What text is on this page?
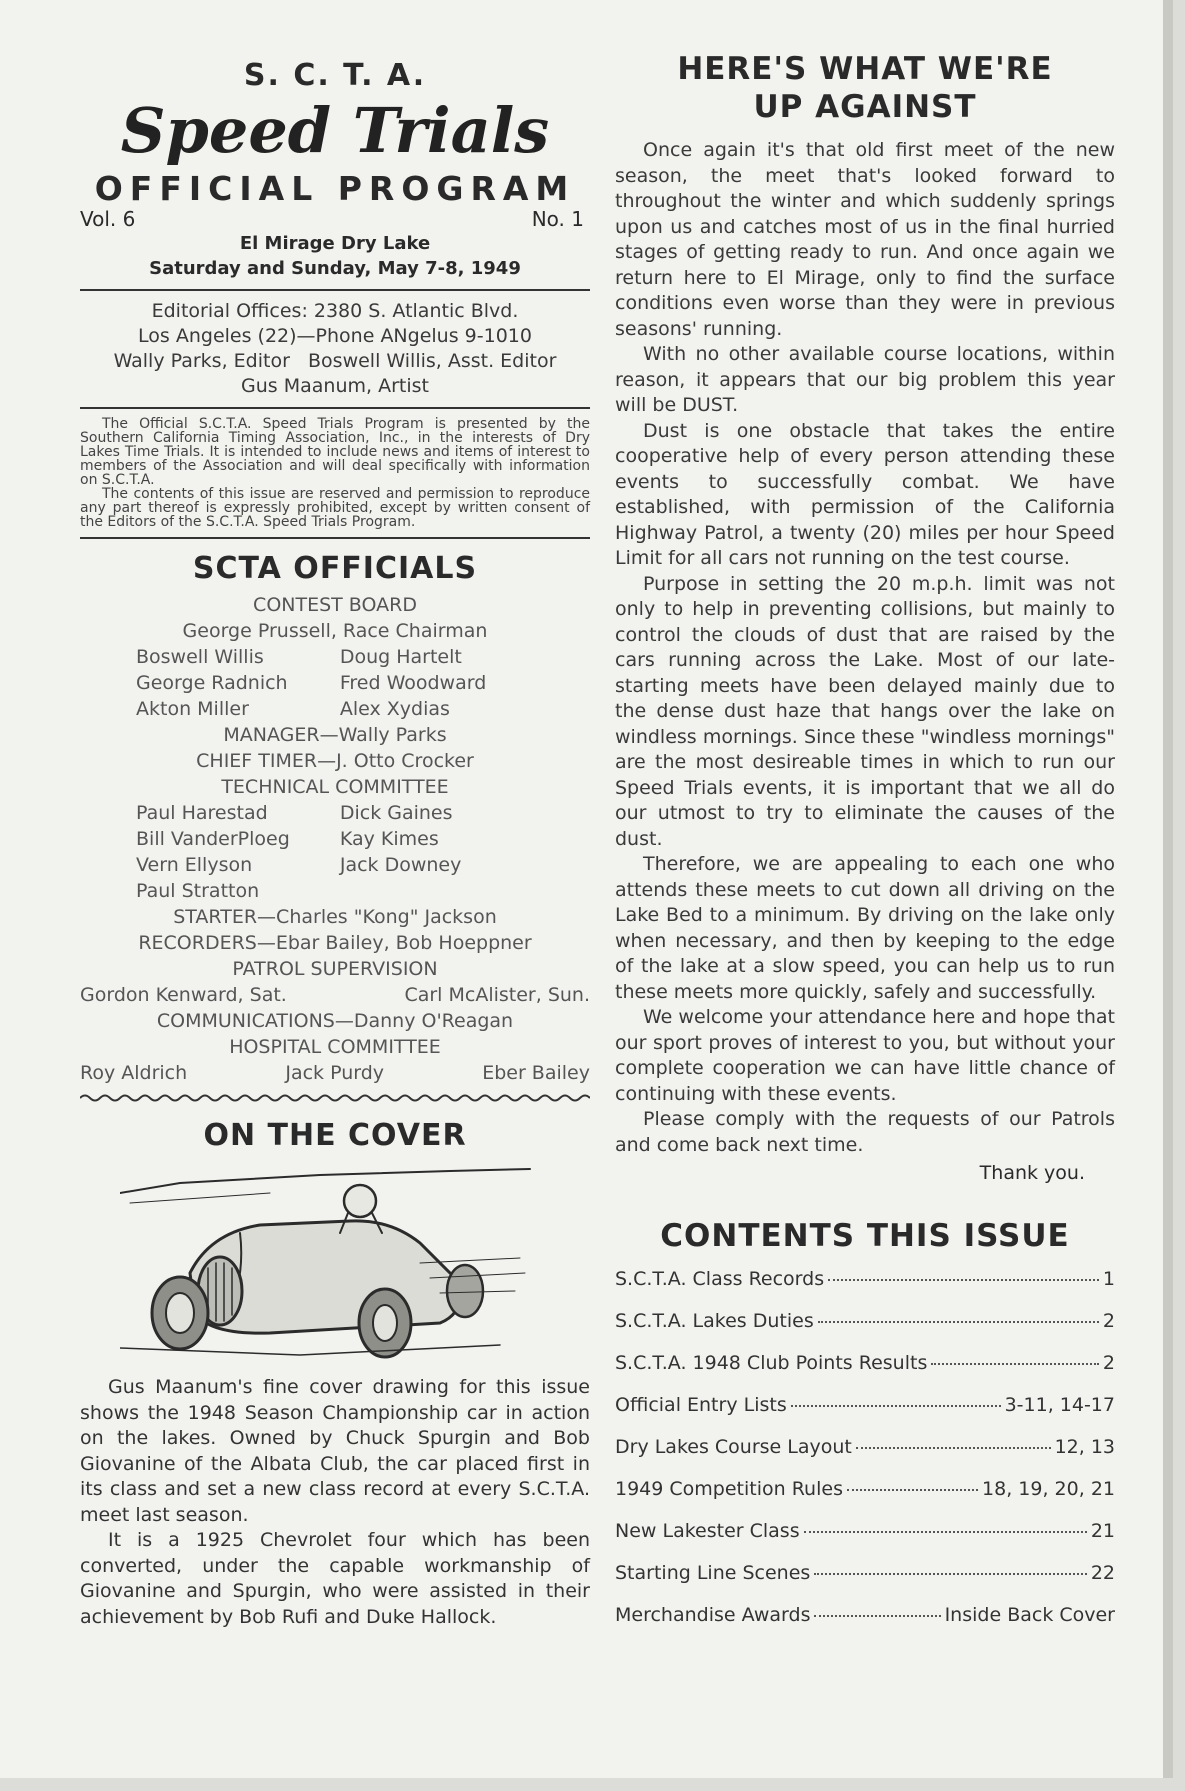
S. C. T. A.
Speed Trials
OFFICIAL PROGRAM
Vol. 6	No. 1
El Mirage Dry Lake
Saturday and Sunday, May 7-8, 1949
Editorial Offices: 2380 S. Atlantic Blvd.
Los Angeles (22)—Phone ANgelus 9-1010
Wally Parks, Editor   Boswell Willis, Asst. Editor
Gus Maanum, Artist

The Official S.C.T.A. Speed Trials Program is presented by the Southern California Timing Association, Inc., in the interests of Dry Lakes Time Trials. It is intended to include news and items of interest to members of the Association and will deal specifically with information on S.C.T.A.

The contents of this issue are reserved and permission to reproduce any part thereof is expressly prohibited, except by written consent of the Editors of the S.C.T.A. Speed Trials Program.

SCTA OFFICIALS
CONTEST BOARD
George Prussell, Race Chairman
Boswell Willis	Doug Hartelt
George Radnich	Fred Woodward
Akton Miller	Alex Xydias
MANAGER—Wally Parks
CHIEF TIMER—J. Otto Crocker
TECHNICAL COMMITTEE
Paul Harestad	Dick Gaines
Bill VanderPloeg	Kay Kimes
Vern Ellyson	Jack Downey
Paul Stratton
STARTER—Charles "Kong" Jackson
RECORDERS—Ebar Bailey, Bob Hoeppner
PATROL SUPERVISION
Gordon Kenward, Sat.	Carl McAlister, Sun.
COMMUNICATIONS—Danny O'Reagan
HOSPITAL COMMITTEE
Roy Aldrich	Jack Purdy	Eber Bailey
ON THE COVER

Gus Maanum's fine cover drawing for this issue shows the 1948 Season Championship car in action on the lakes. Owned by Chuck Spurgin and Bob Giovanine of the Albata Club, the car placed first in its class and set a new class record at every S.C.T.A. meet last season.

It is a 1925 Chevrolet four which has been converted, under the capable workmanship of Giovanine and Spurgin, who were assisted in their achievement by Bob Rufi and Duke Hallock.

HERE'S WHAT WE'RE
UP AGAINST

Once again it's that old first meet of the new season, the meet that's looked forward to throughout the winter and which suddenly springs upon us and catches most of us in the final hurried stages of getting ready to run. And once again we return here to El Mirage, only to find the surface conditions even worse than they were in previous seasons' running.

With no other available course locations, within reason, it appears that our big problem this year will be DUST.

Dust is one obstacle that takes the entire cooperative help of every person attending these events to successfully combat. We have established, with permission of the California Highway Patrol, a twenty (20) miles per hour Speed Limit for all cars not running on the test course.

Purpose in setting the 20 m.p.h. limit was not only to help in preventing collisions, but mainly to control the clouds of dust that are raised by the cars running across the Lake. Most of our late-starting meets have been delayed mainly due to the dense dust haze that hangs over the lake on windless mornings. Since these "windless mornings" are the most desireable times in which to run our Speed Trials events, it is important that we all do our utmost to try to eliminate the causes of the dust.

Therefore, we are appealing to each one who attends these meets to cut down all driving on the Lake Bed to a minimum. By driving on the lake only when necessary, and then by keeping to the edge of the lake at a slow speed, you can help us to run these meets more quickly, safely and successfully.

We welcome your attendance here and hope that our sport proves of interest to you, but without your complete cooperation we can have little chance of continuing with these events.

Please comply with the requests of our Patrols and come back next time.

Thank you.
CONTENTS THIS ISSUE
S.C.T.A. Class Records	1
S.C.T.A. Lakes Duties	2
S.C.T.A. 1948 Club Points Results	2
Official Entry Lists	3-11, 14-17
Dry Lakes Course Layout	12, 13
1949 Competition Rules	18, 19, 20, 21
New Lakester Class	21
Starting Line Scenes	22
Merchandise Awards	Inside Back Cover
